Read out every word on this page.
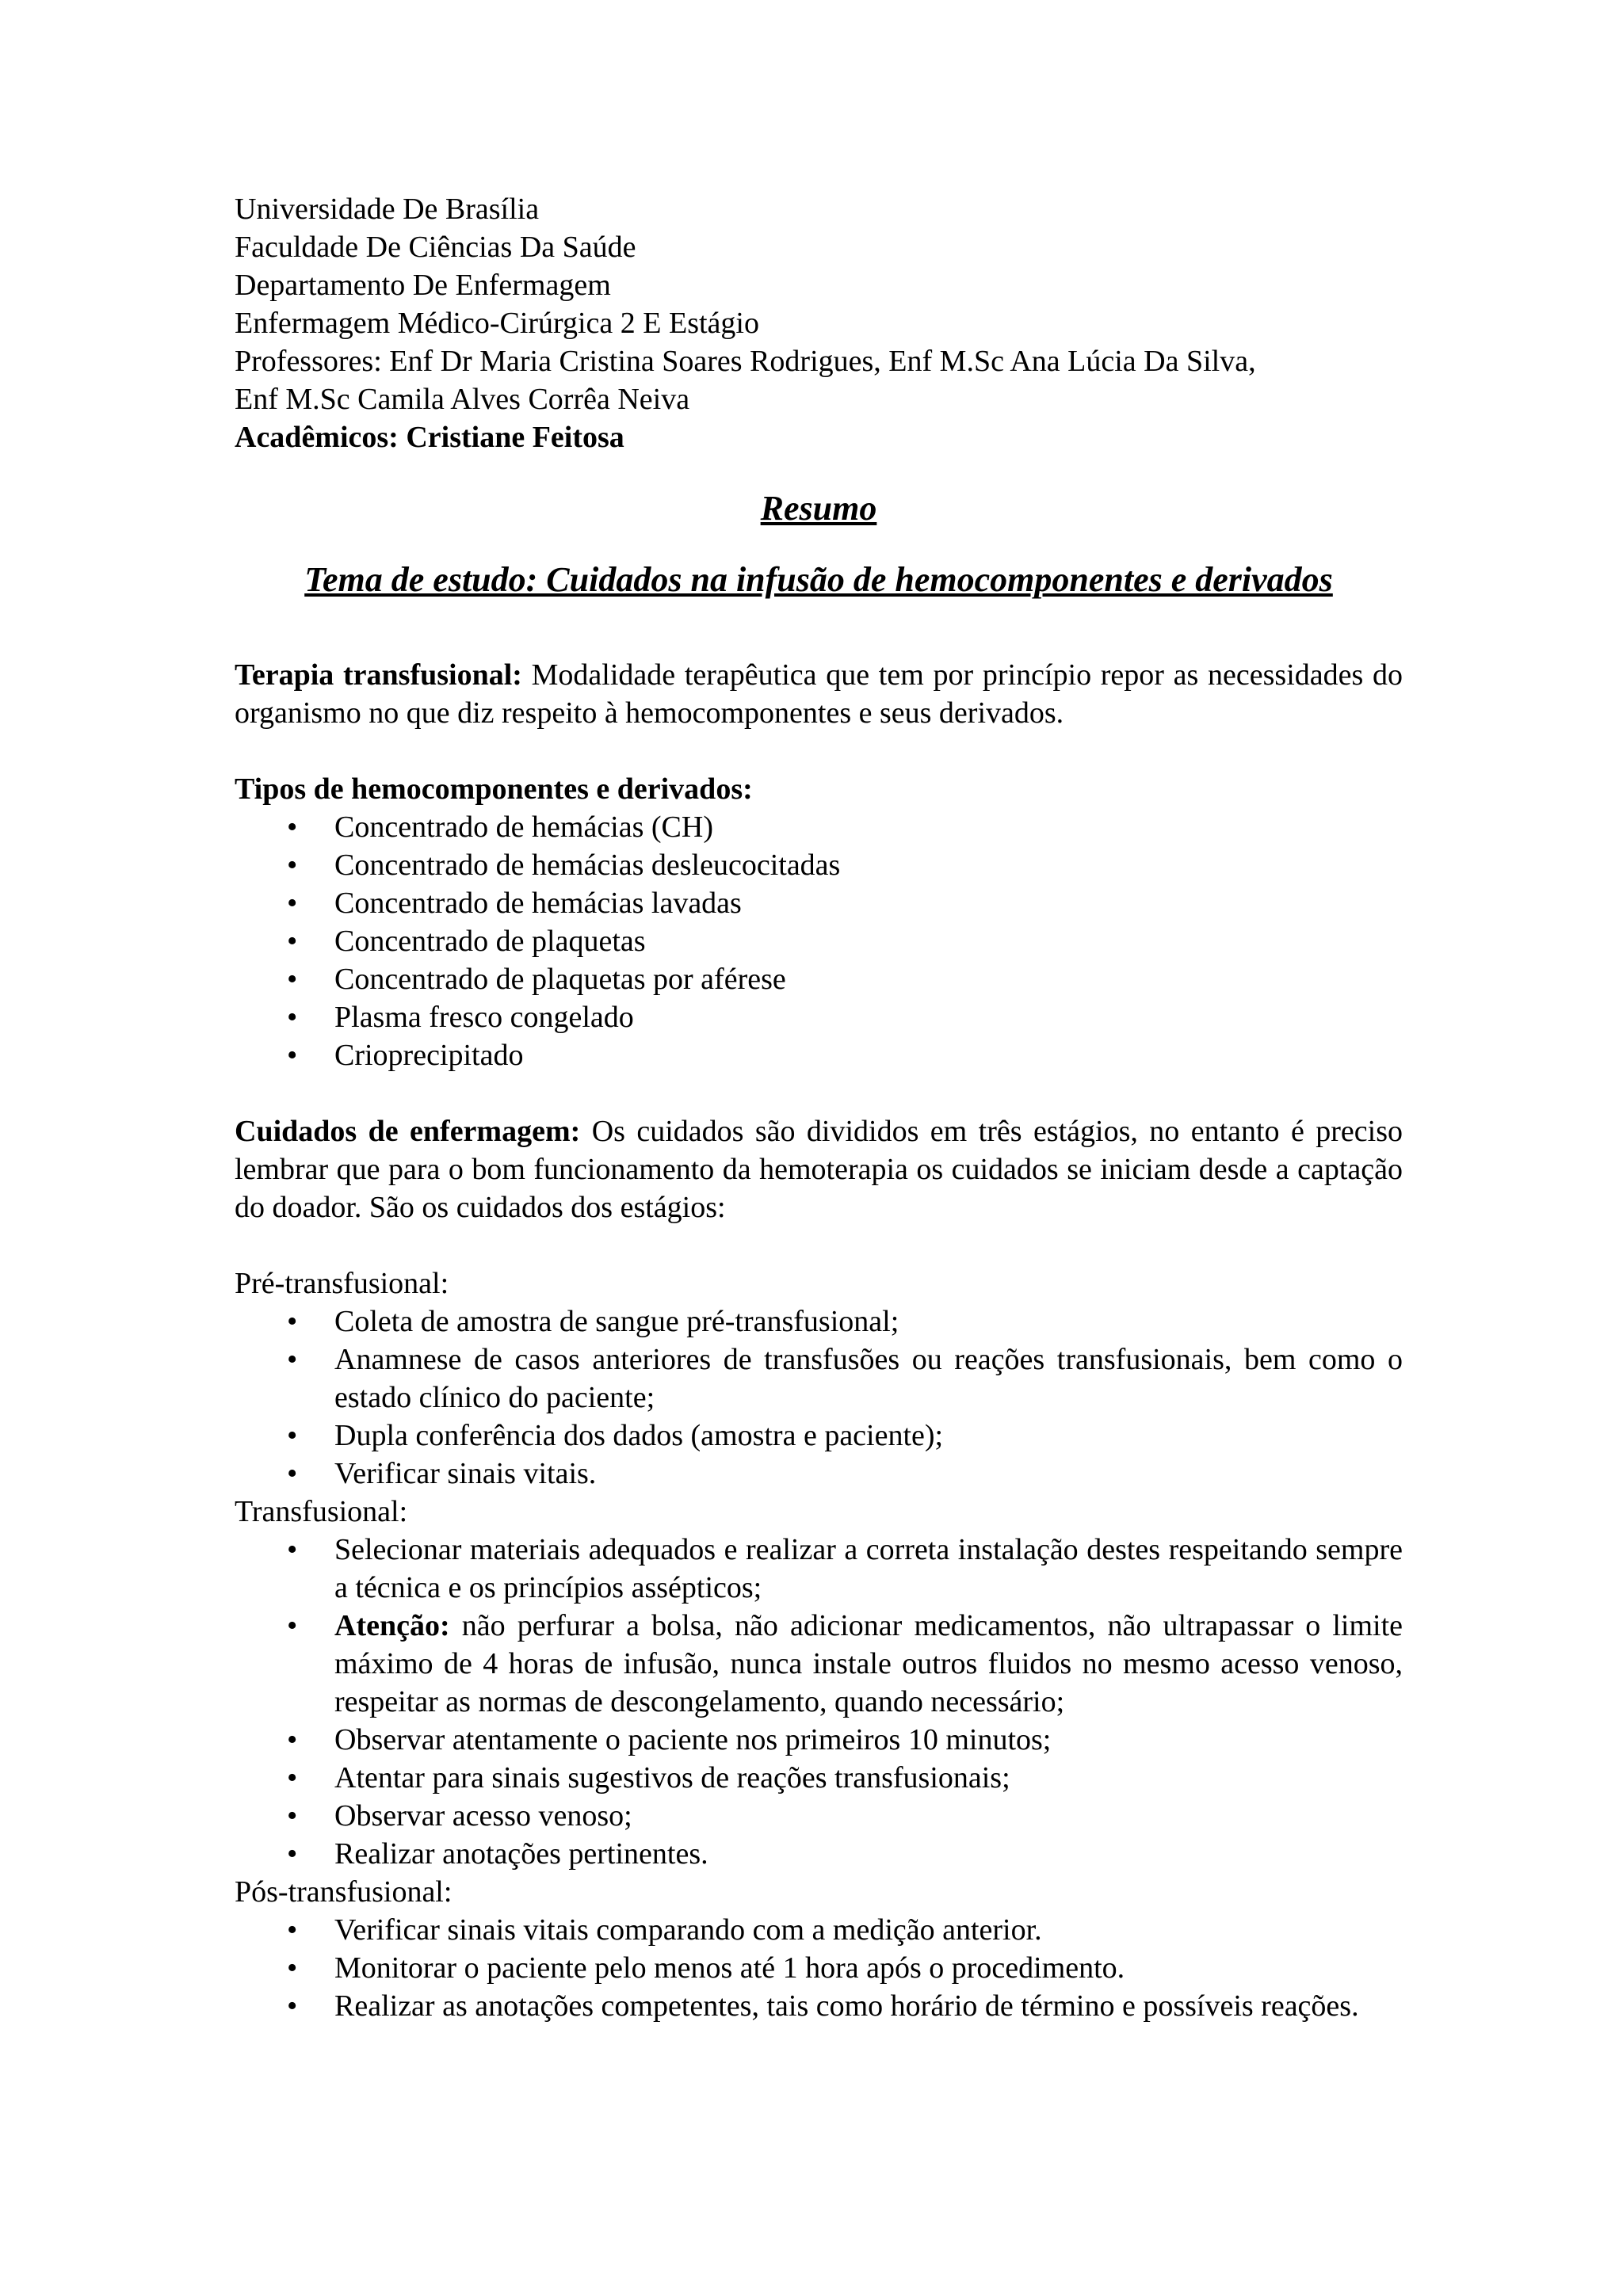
Universidade De Brasília
Faculdade De Ciências Da Saúde
Departamento De Enfermagem
Enfermagem Médico-Cirúrgica 2 E Estágio
Professores: Enf Dr Maria Cristina Soares Rodrigues, Enf M.Sc Ana Lúcia Da Silva,
Enf M.Sc Camila Alves Corrêa Neiva
Acadêmicos: Cristiane Feitosa
Resumo
Tema de estudo: Cuidados na infusão de hemocomponentes e derivados

Terapia transfusional: Modalidade terapêutica que tem por princípio repor as necessidades do organismo no que diz respeito à hemocomponentes e seus derivados.

Tipos de hemocomponentes e derivados:
• Concentrado de hemácias (CH)
• Concentrado de hemácias desleucocitadas
• Concentrado de hemácias lavadas
• Concentrado de plaquetas
• Concentrado de plaquetas por aférese
• Plasma fresco congelado
• Crioprecipitado

Cuidados de enfermagem: Os cuidados são divididos em três estágios, no entanto é preciso lembrar que para o bom funcionamento da hemoterapia os cuidados se iniciam desde a captação do doador. São os cuidados dos estágios:

Pré-transfusional:
• Coleta de amostra de sangue pré-transfusional;
• Anamnese de casos anteriores de transfusões ou reações transfusionais, bem como o estado clínico do paciente;
• Dupla conferência dos dados (amostra e paciente);
• Verificar sinais vitais.
Transfusional:
• Selecionar materiais adequados e realizar a correta instalação destes respeitando sempre a técnica e os princípios assépticos;
• Atenção: não perfurar a bolsa, não adicionar medicamentos, não ultrapassar o limite máximo de 4 horas de infusão, nunca instale outros fluidos no mesmo acesso venoso, respeitar as normas de descongelamento, quando necessário;
• Observar atentamente o paciente nos primeiros 10 minutos;
• Atentar para sinais sugestivos de reações transfusionais;
• Observar acesso venoso;
• Realizar anotações pertinentes.
Pós-transfusional:
• Verificar sinais vitais comparando com a medição anterior.
• Monitorar o paciente pelo menos até 1 hora após o procedimento.
• Realizar as anotações competentes, tais como horário de término e possíveis reações.
